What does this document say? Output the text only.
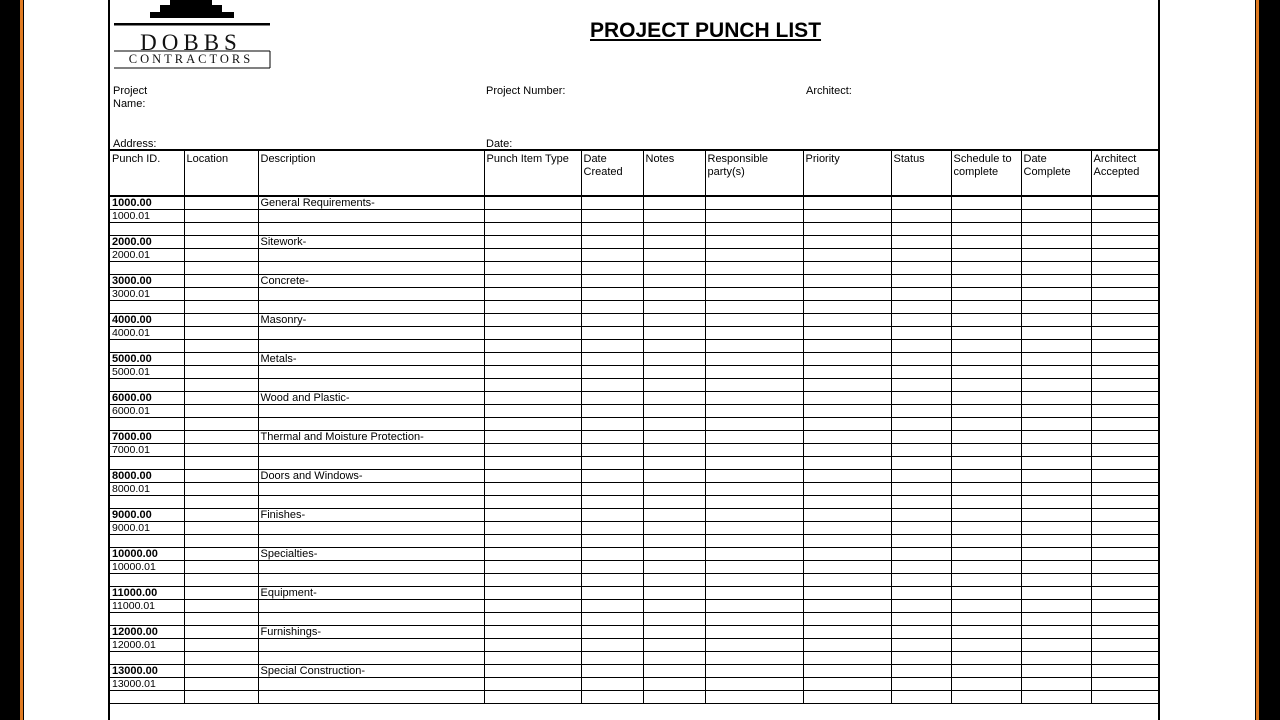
DOBBS
CONTRACTORS
PROJECT PUNCH LIST
Project
Name:
Project Number:	Architect:
Address:	Date:
Punch ID.	Location	Description	Punch Item Type	Date Created	Notes	Responsible party(s)	Priority	Status	Schedule to complete	Date Complete	Architect Accepted
1000.00		General Requirements-									
1000.01											

2000.00		Sitework-									
2000.01											

3000.00		Concrete-									
3000.01											

4000.00		Masonry-									
4000.01											

5000.00		Metals-									
5000.01											

6000.00		Wood and Plastic-									
6000.01											

7000.00		Thermal and Moisture Protection-									
7000.01											

8000.00		Doors and Windows-									
8000.01											

9000.00		Finishes-									
9000.01											

10000.00		Specialties-									
10000.01											

11000.00		Equipment-									
11000.01											

12000.00		Furnishings-									
12000.01											

13000.00		Special Construction-									
13000.01											
